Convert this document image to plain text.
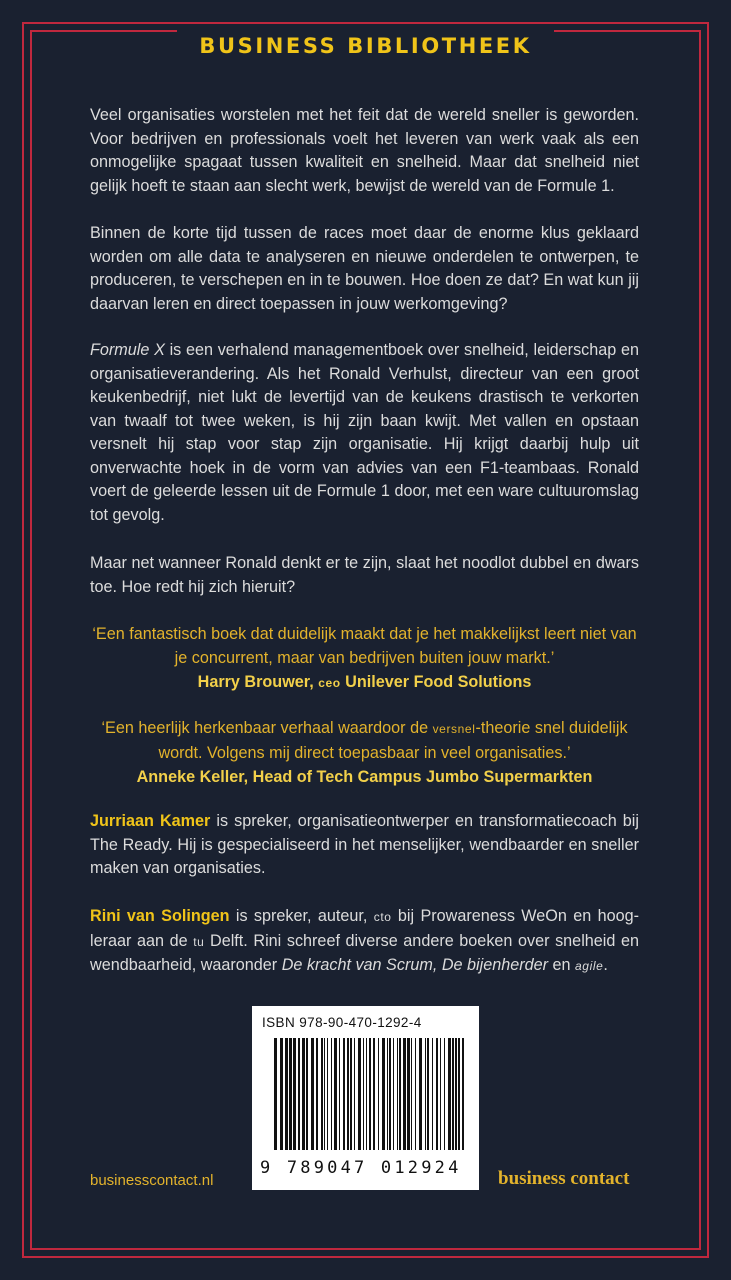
BUSINESS BIBLIOTHEEK

Veel organisaties worstelen met het feit dat de wereld sneller is geworden. Voor bedrijven en professionals voelt het leveren van werk vaak als een onmogelijke spagaat tussen kwaliteit en snelheid. Maar dat snelheid niet gelijk hoeft te staan aan slecht werk, bewijst de wereld van de Formule 1.

Binnen de korte tijd tussen de races moet daar de enorme klus geklaard worden om alle data te analyseren en nieuwe onderdelen te ontwerpen, te produceren, te verschepen en in te bouwen. Hoe doen ze dat? En wat kun jij daarvan leren en direct toepassen in jouw werkomgeving?

Formule X is een verhalend managementboek over snelheid, leiderschap en organisatieverandering. Als het Ronald Verhulst, directeur van een groot keukenbedrijf, niet lukt de levertijd van de keukens drastisch te verkorten van twaalf tot twee weken, is hij zijn baan kwijt. Met vallen en opstaan versnelt hij stap voor stap zijn organisatie. Hij krijgt daarbij hulp uit onverwachte hoek in de vorm van advies van een F1-teambaas. Ronald voert de geleerde lessen uit de Formule 1 door, met een ware cultuuromslag tot gevolg.

Maar net wanneer Ronald denkt er te zijn, slaat het noodlot dubbel en dwars toe. Hoe redt hij zich hieruit?

‘Een fantastisch boek dat duidelijk maakt dat je het makkelijkst leert niet van je concurrent, maar van bedrijven buiten jouw markt.’
Harry Brouwer, ceo Unilever Food Solutions
‘Een heerlijk herkenbaar verhaal waardoor de versnel-theorie snel duidelijk wordt. Volgens mij direct toepasbaar in veel organisaties.’
Anneke Keller, Head of Tech Campus Jumbo Supermarkten

Jurriaan Kamer is spreker, organisatieontwerper en transformatiecoach bij The Ready. Hij is gespecialiseerd in het menselijker, wendbaarder en sneller maken van organisaties.

Rini van Solingen is spreker, auteur, cto bij Prowareness WeOn en hoogleraar aan de tu Delft. Rini schreef diverse andere boeken over snelheid en wendbaarheid, waaronder De kracht van Scrum, De bijenherder en agile.

ISBN 978-90-470-1292-4
9 789047 012924
businesscontact.nl	business contact
